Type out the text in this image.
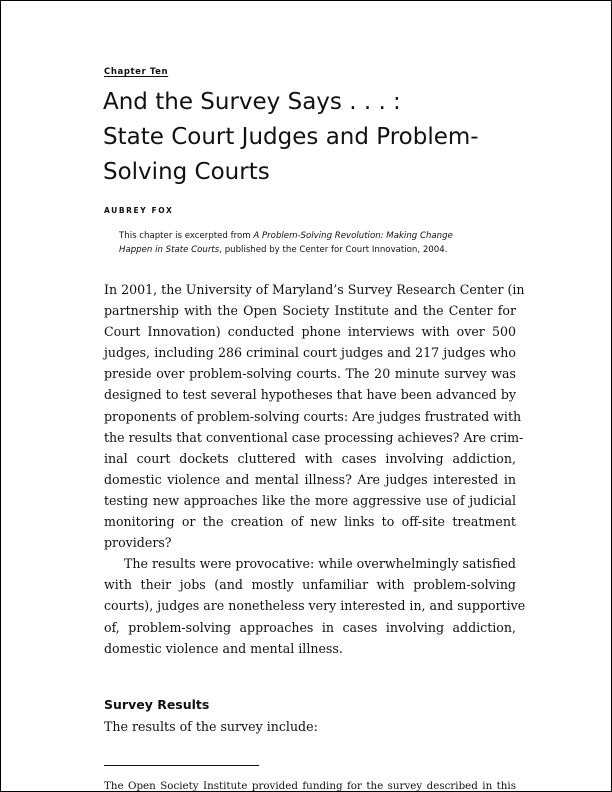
Chapter Ten
And the Survey Says . . . :
State Court Judges and Problem-
Solving Courts
AUBREY FOX
This chapter is excerpted from A Problem-Solving Revolution: Making Change
Happen in State Courts, published by the Center for Court Innovation, 2004.
In 2001, the University of Maryland’s Survey Research Center (in
partnership with the Open Society Institute and the Center for
Court Innovation) conducted phone interviews with over 500
judges, including 286 criminal court judges and 217 judges who
preside over problem-solving courts. The 20 minute survey was
designed to test several hypotheses that have been advanced by
proponents of problem-solving courts: Are judges frustrated with
the results that conventional case processing achieves? Are crim-
inal court dockets cluttered with cases involving addiction,
domestic violence and mental illness? Are judges interested in
testing new approaches like the more aggressive use of judicial
monitoring or the creation of new links to off-site treatment
providers?
The results were provocative: while overwhelmingly satisfied
with their jobs (and mostly unfamiliar with problem-solving
courts), judges are nonetheless very interested in, and supportive
of, problem-solving approaches in cases involving addiction,
domestic violence and mental illness.
Survey Results
The results of the survey include:
The Open Society Institute provided funding for the survey described in this
